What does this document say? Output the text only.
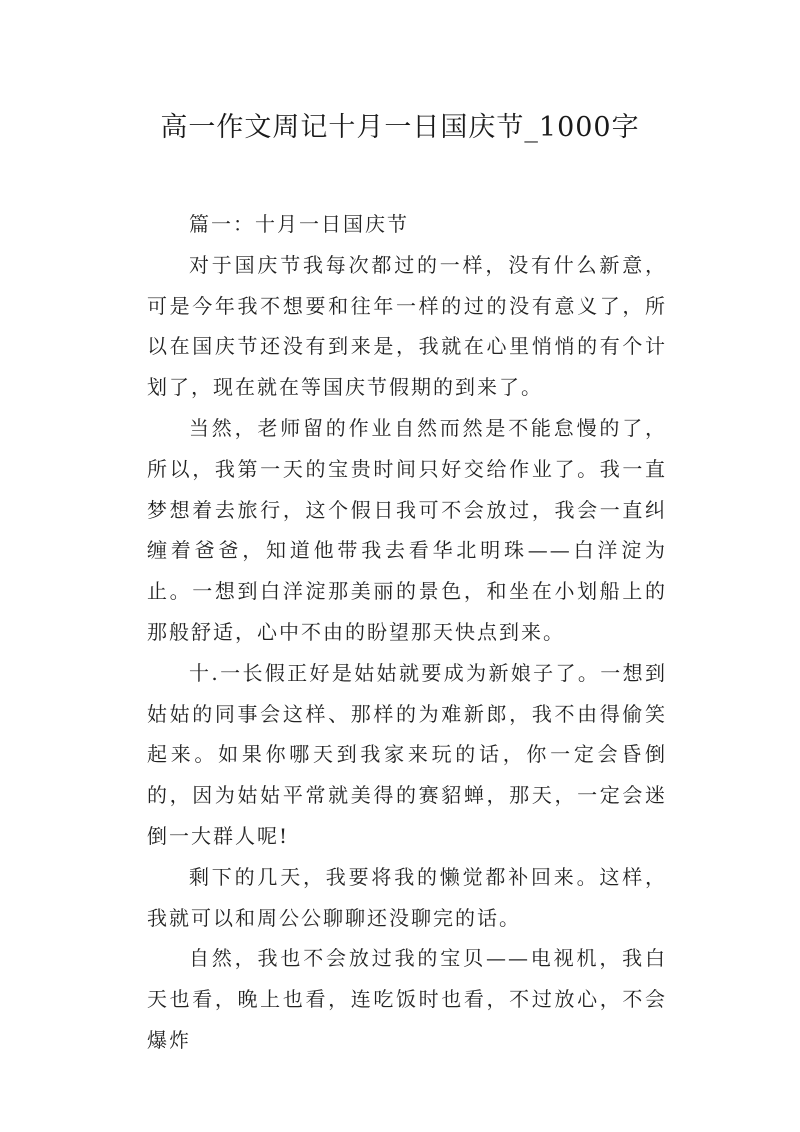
高一作文周记十月一日国庆节_1000字

篇一：十月一日国庆节

对于国庆节我每次都过的一样，没有什么新意，可是今年我不想要和往年一样的过的没有意义了，所以在国庆节还没有到来是，我就在心里悄悄的有个计划了，现在就在等国庆节假期的到来了。

当然，老师留的作业自然而然是不能怠慢的了，所以，我第一天的宝贵时间只好交给作业了。我一直梦想着去旅行，这个假日我可不会放过，我会一直纠缠着爸爸，知道他带我去看华北明珠——白洋淀为止。一想到白洋淀那美丽的景色，和坐在小划船上的那般舒适，心中不由的盼望那天快点到来。

十.一长假正好是姑姑就要成为新娘子了。一想到姑姑的同事会这样、那样的为难新郎，我不由得偷笑起来。如果你哪天到我家来玩的话，你一定会昏倒的，因为姑姑平常就美得的赛貂蝉，那天，一定会迷倒一大群人呢!

剩下的几天，我要将我的懒觉都补回来。这样，我就可以和周公公聊聊还没聊完的话。

自然，我也不会放过我的宝贝——电视机，我白天也看，晚上也看，连吃饭时也看，不过放心，不会爆炸
